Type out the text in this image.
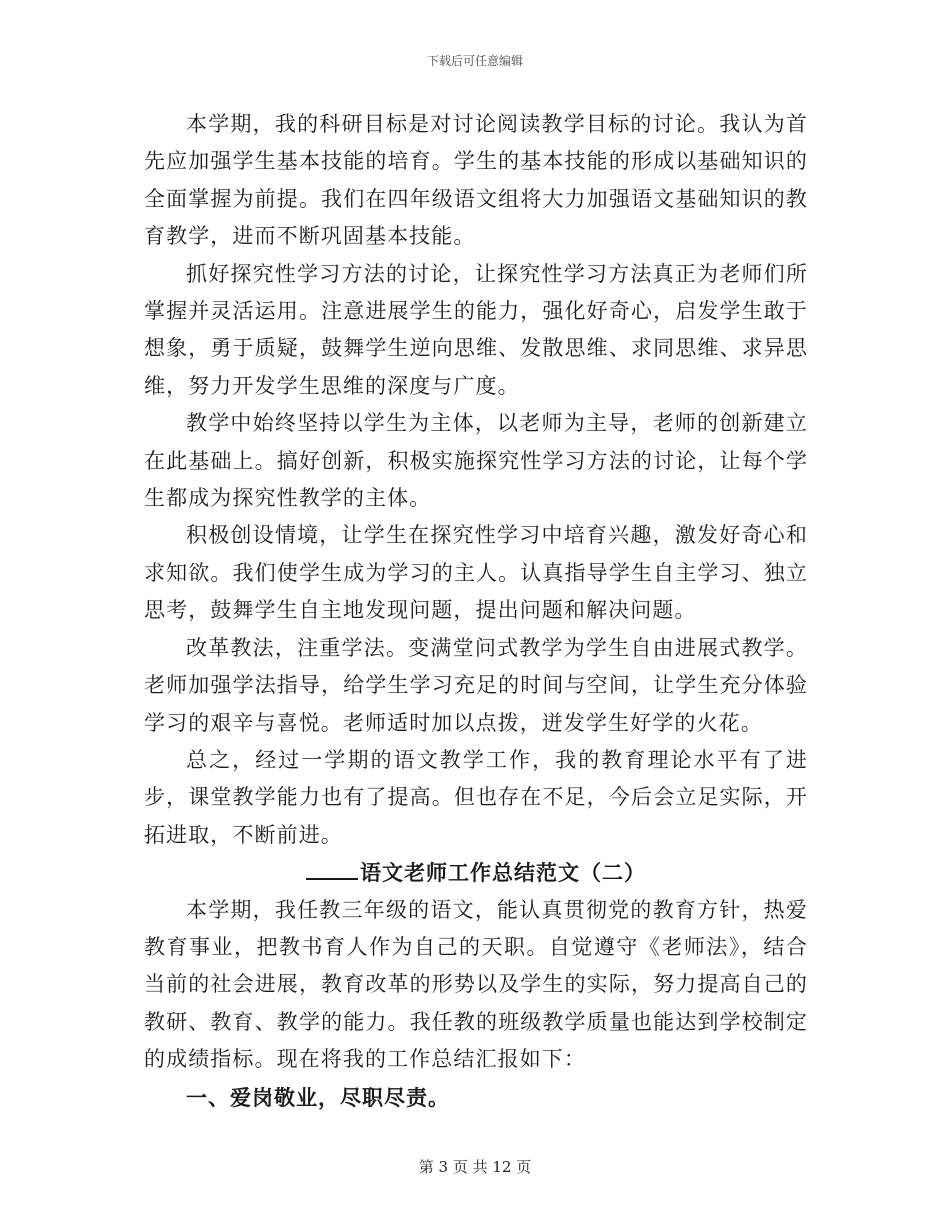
下载后可任意编辑

本学期，我的科研目标是对讨论阅读教学目标的讨论。我认为首先应加强学生基本技能的培育。学生的基本技能的形成以基础知识的全面掌握为前提。我们在四年级语文组将大力加强语文基础知识的教育教学，进而不断巩固基本技能。

抓好探究性学习方法的讨论，让探究性学习方法真正为老师们所掌握并灵活运用。注意进展学生的能力，强化好奇心，启发学生敢于想象，勇于质疑，鼓舞学生逆向思维、发散思维、求同思维、求异思维，努力开发学生思维的深度与广度。

教学中始终坚持以学生为主体，以老师为主导，老师的创新建立在此基础上。搞好创新，积极实施探究性学习方法的讨论，让每个学生都成为探究性教学的主体。

积极创设情境，让学生在探究性学习中培育兴趣，激发好奇心和求知欲。我们使学生成为学习的主人。认真指导学生自主学习、独立思考，鼓舞学生自主地发现问题，提出问题和解决问题。

改革教法，注重学法。变满堂问式教学为学生自由进展式教学。老师加强学法指导，给学生学习充足的时间与空间，让学生充分体验学习的艰辛与喜悦。老师适时加以点拨，迸发学生好学的火花。

总之，经过一学期的语文教学工作，我的教育理论水平有了进步，课堂教学能力也有了提高。但也存在不足，今后会立足实际，开拓进取，不断前进。

语文老师工作总结范文（二）

本学期，我任教三年级的语文，能认真贯彻党的教育方针，热爱教育事业，把教书育人作为自己的天职。自觉遵守《老师法》，结合当前的社会进展，教育改革的形势以及学生的实际，努力提高自己的教研、教育、教学的能力。我任教的班级教学质量也能达到学校制定的成绩指标。现在将我的工作总结汇报如下：

一、爱岗敬业，尽职尽责。

第 3 页 共 12 页
